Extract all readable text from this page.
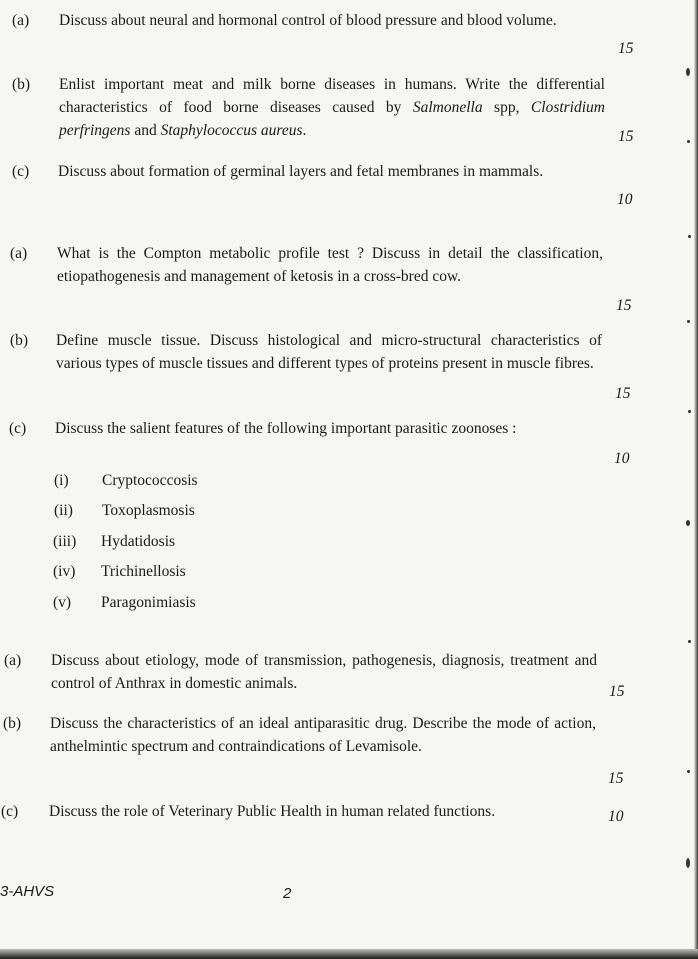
(a) Discuss about neural and hormonal control of blood pressure and blood volume.
15
(b) Enlist important meat and milk borne diseases in humans. Write the differential characteristics of food borne diseases caused by Salmonella spp, Clostridium perfringens and Staphylococcus aureus.	15
(c) Discuss about formation of germinal layers and fetal membranes in mammals.
10
(a) What is the Compton metabolic profile test ? Discuss in detail the classification, etiopathogenesis and management of ketosis in a cross-bred cow.
15
(b) Define muscle tissue. Discuss histological and micro-structural characteristics of various types of muscle tissues and different types of proteins present in muscle fibres.
15
(c) Discuss the salient features of the following important parasitic zoonoses :
10
(i) Cryptococcosis
(ii) Toxoplasmosis
(iii) Hydatidosis
(iv) Trichinellosis
(v) Paragonimiasis
(a) Discuss about etiology, mode of transmission, pathogenesis, diagnosis, treatment and control of Anthrax in domestic animals.	15
(b) Discuss the characteristics of an ideal antiparasitic drug. Describe the mode of action, anthelmintic spectrum and contraindications of Levamisole.
15
(c) Discuss the role of Veterinary Public Health in human related functions.	10
3-AHVS	2
